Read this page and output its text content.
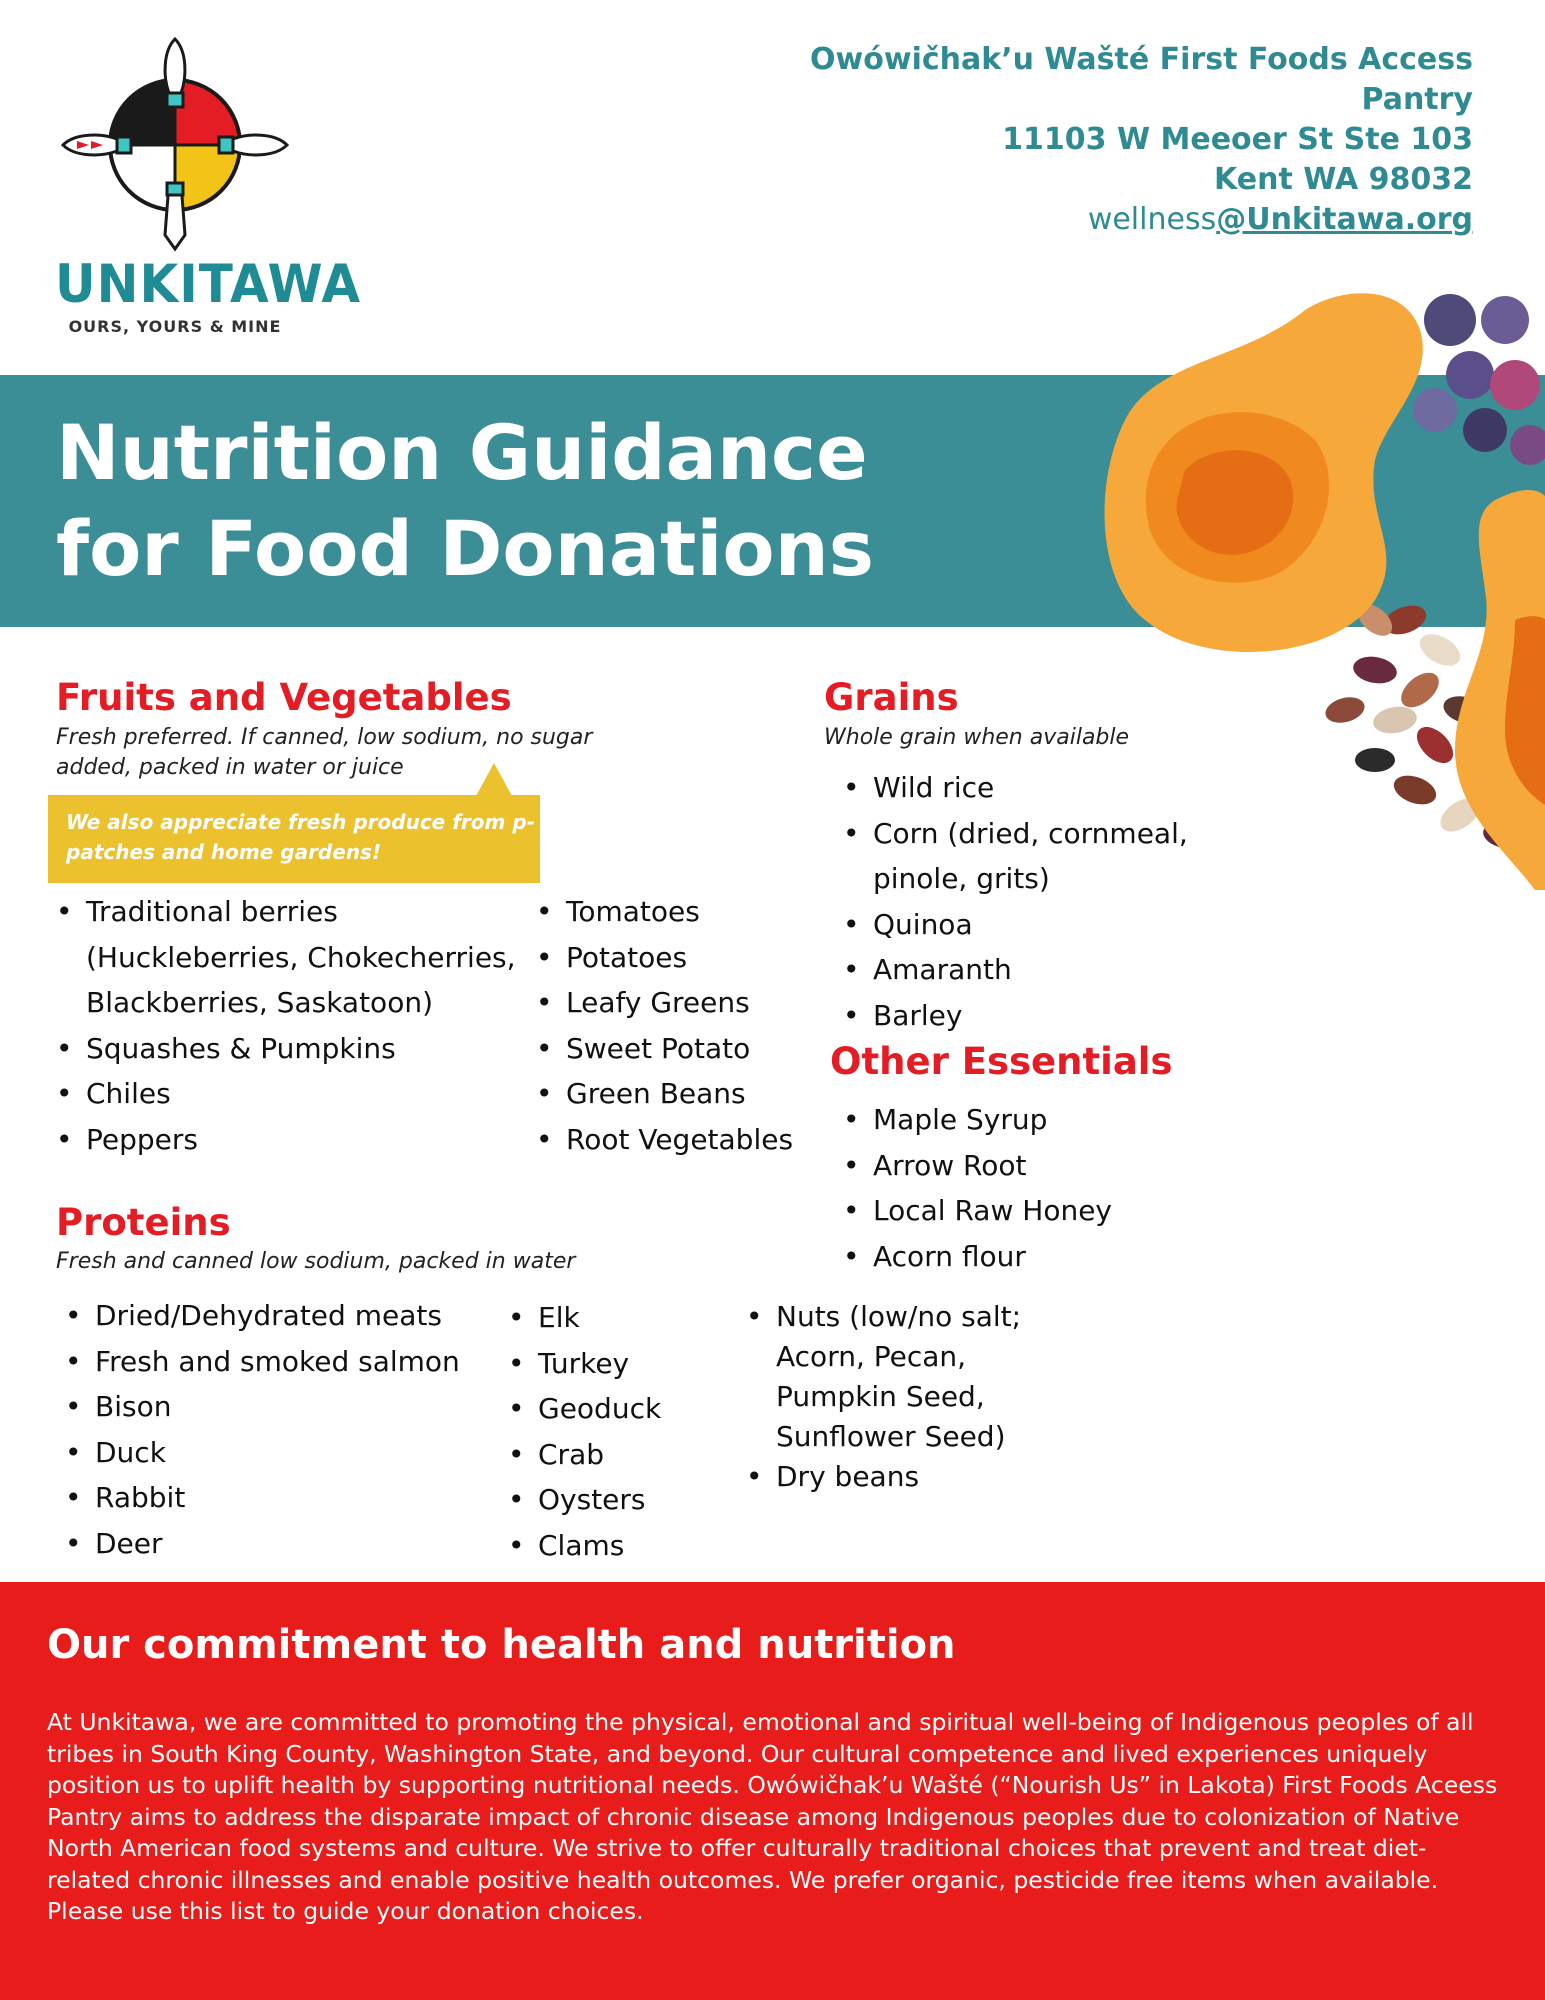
UNKITAWA
OURS, YOURS & MINE
Owówičhak’u Wašté First Foods Access
Pantry
11103 W Meeoer St Ste 103
Kent WA 98032
wellness@Unkitawa.org
Nutrition Guidance
for Food Donations
Fruits and Vegetables
Fresh preferred. If canned, low sodium, no sugar added, packed in water or juice
We also appreciate fresh produce from p-patches and home gardens!
• Traditional berries (Huckleberries, Chokecherries, Blackberries, Saskatoon)
• Squashes & Pumpkins
• Chiles
• Peppers
• Tomatoes
• Potatoes
• Leafy Greens
• Sweet Potato
• Green Beans
• Root Vegetables
Grains
Whole grain when available
• Wild rice
• Corn (dried, cornmeal, pinole, grits)
• Quinoa
• Amaranth
• Barley
Other Essentials
• Maple Syrup
• Arrow Root
• Local Raw Honey
• Acorn flour
Proteins
Fresh and canned low sodium, packed in water
• Dried/Dehydrated meats
• Fresh and smoked salmon
• Bison
• Duck
• Rabbit
• Deer
• Elk
• Turkey
• Geoduck
• Crab
• Oysters
• Clams
• Nuts (low/no salt; Acorn, Pecan, Pumpkin Seed, Sunflower Seed)
• Dry beans
Our commitment to health and nutrition

At Unkitawa, we are committed to promoting the physical, emotional and spiritual well-being of Indigenous peoples of all tribes in South King County, Washington State, and beyond. Our cultural competence and lived experiences uniquely position us to uplift health by supporting nutritional needs. Owówičhak’u Wašté (“Nourish Us” in Lakota) First Foods Aceess Pantry aims to address the disparate impact of chronic disease among Indigenous peoples due to colonization of Native North American food systems and culture. We strive to offer culturally traditional choices that prevent and treat diet-related chronic illnesses and enable positive health outcomes. We prefer organic, pesticide free items when available. Please use this list to guide your donation choices.
